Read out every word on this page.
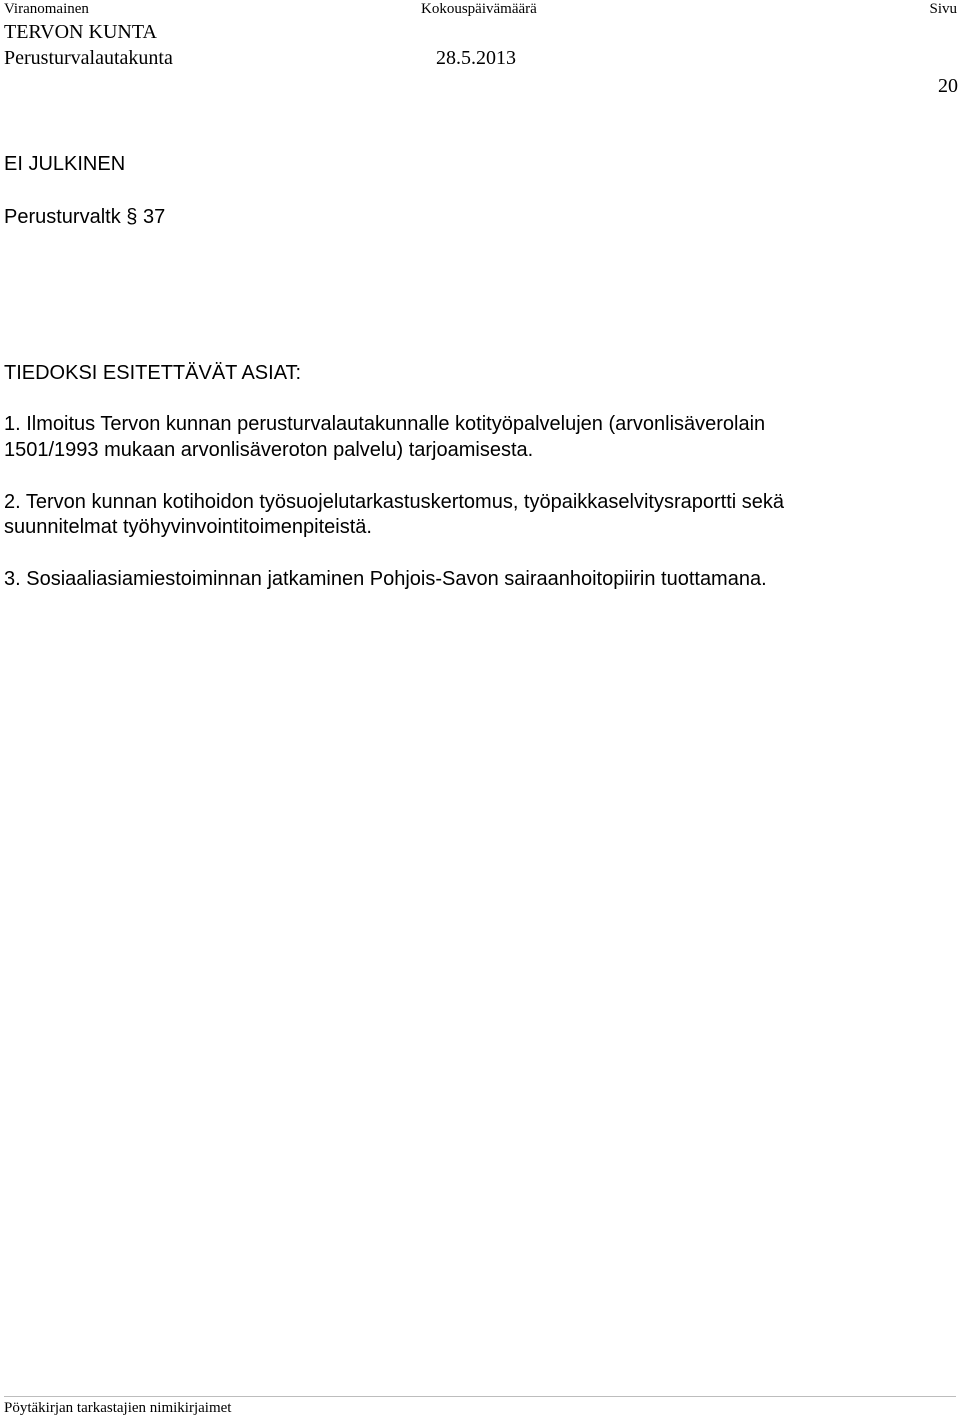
Viranomainen	Kokouspäivämäärä	Sivu
TERVON KUNTA
Perusturvalautakunta	28.5.2013
20
EI JULKINEN
Perusturvaltk § 37
TIEDOKSI ESITETTÄVÄT ASIAT:
1. Ilmoitus Tervon kunnan perusturvalautakunnalle kotityöpalvelujen (arvonlisäverolain
1501/1993 mukaan arvonlisäveroton palvelu) tarjoamisesta.
2. Tervon kunnan kotihoidon työsuojelutarkastuskertomus, työpaikkaselvitysraportti sekä
suunnitelmat työhyvinvointitoimenpiteistä.
3. Sosiaaliasiamiestoiminnan jatkaminen Pohjois-Savon sairaanhoitopiirin tuottamana.
Pöytäkirjan tarkastajien nimikirjaimet
